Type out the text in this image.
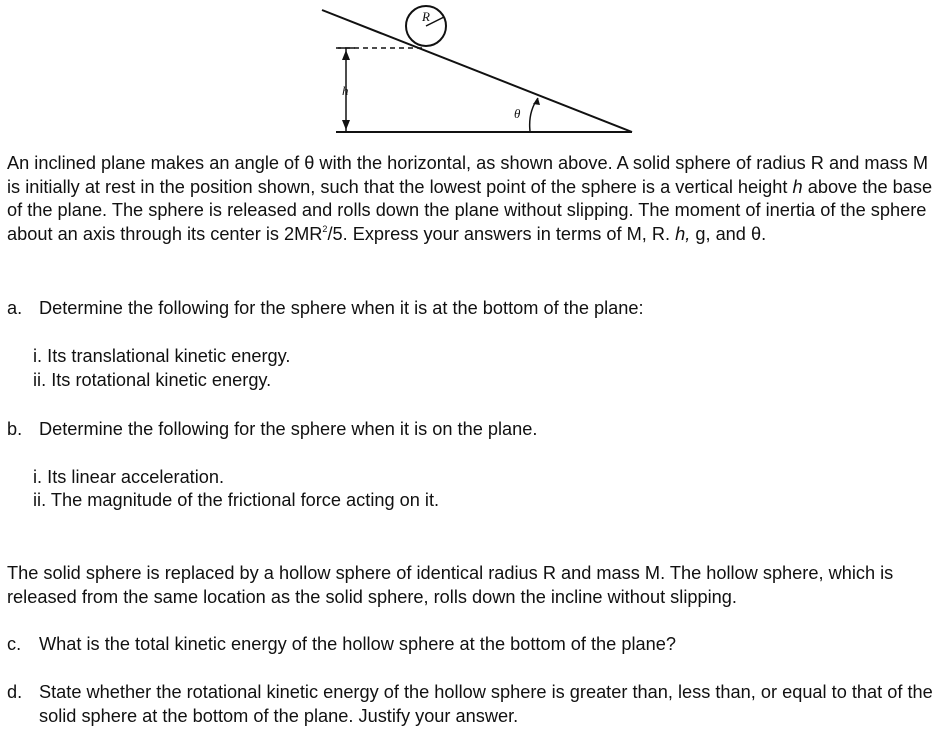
R
h
θ

An inclined plane makes an angle of θ with the horizontal, as shown above. A solid sphere of radius R and mass M is initially at rest in the position shown, such that the lowest point of the sphere is a vertical height h above the base of the plane. The sphere is released and rolls down the plane without slipping. The moment of inertia of the sphere about an axis through its center is $2MR^2/5$. Express your answers in terms of M, R. h, g, and θ.

a. Determine the following for the sphere when it is at the bottom of the plane:
i. Its translational kinetic energy.
ii. Its rotational kinetic energy.
b. Determine the following for the sphere when it is on the plane.
i. Its linear acceleration.
ii. The magnitude of the frictional force acting on it.

The solid sphere is replaced by a hollow sphere of identical radius R and mass M. The hollow sphere, which is released from the same location as the solid sphere, rolls down the incline without slipping.

c. What is the total kinetic energy of the hollow sphere at the bottom of the plane?
d. State whether the rotational kinetic energy of the hollow sphere is greater than, less than, or equal to that of the solid sphere at the bottom of the plane. Justify your answer.
